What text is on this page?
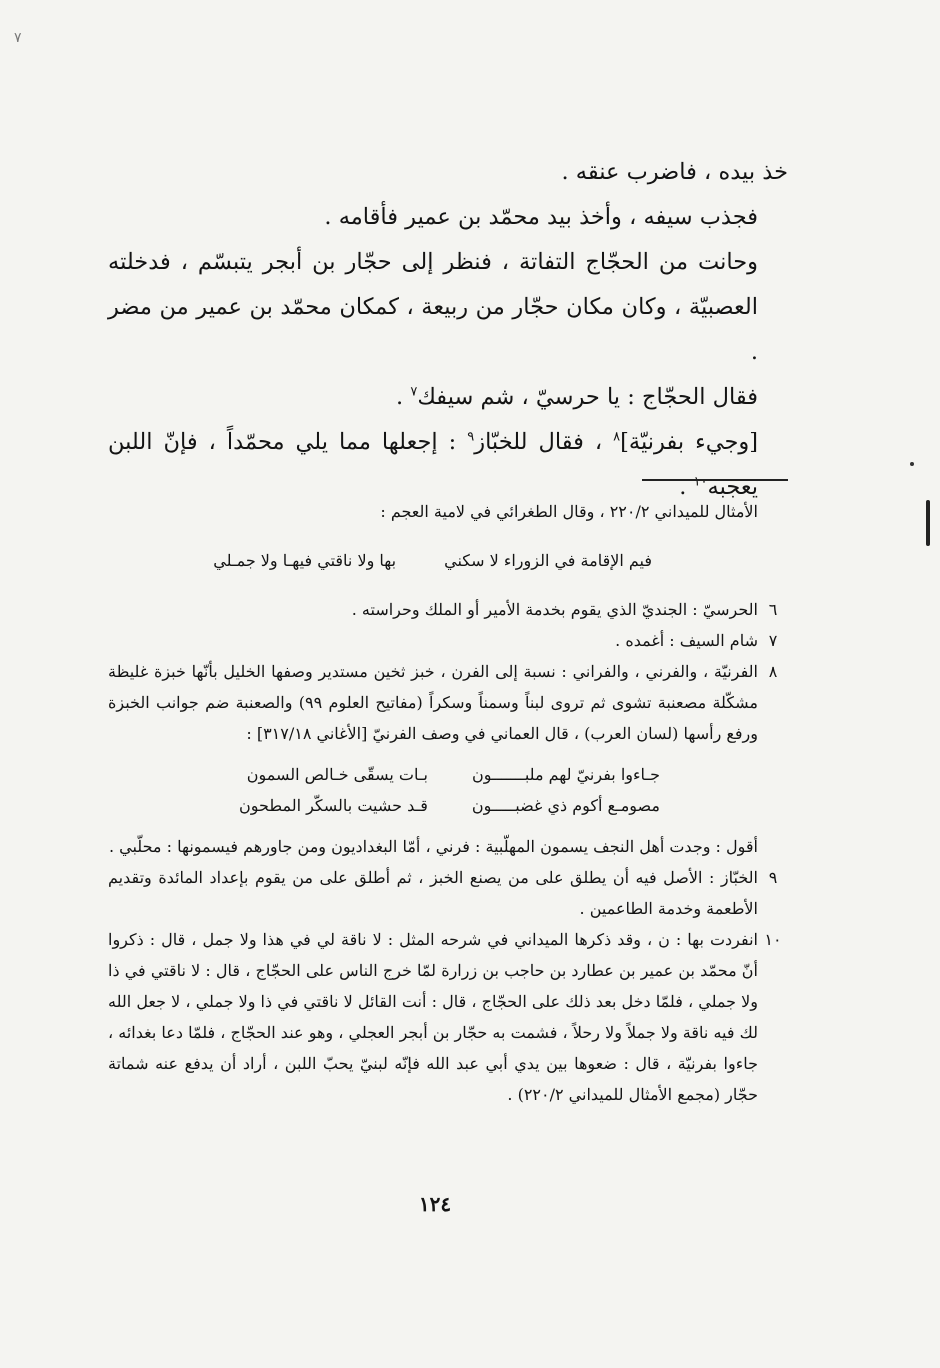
٧

خذ بيده ، فاضرب عنقه .

فجذب سيفه ، وأخذ بيد محمّد بن عمير فأقامه .

وحانت من الحجّاج التفاتة ، فنظر إلى حجّار بن أبجر يتبسّم ، فدخلته العصبيّة ، وكان مكان حجّار من ربيعة ، كمكان محمّد بن عمير من مضر .

فقال الحجّاج : يا حرسيّ ، شم سيفك$^٧$ .

[وجيء بفرنيّة]$^٨$ ، فقال للخبّاز$^٩$ : إجعلها مما يلي محمّداً ، فإنّ اللبن يعجبه$^{١٠}$ .

الأمثال للميداني ٢٢٠/٢ ، وقال الطغرائي في لامية العجم :

فيم الإقامة في الزوراء لا سكني
بها ولا ناقتي فيهـا ولا جمـلي
٦
الحرسيّ : الجنديّ الذي يقوم بخدمة الأمير أو الملك وحراسته .
٧
شام السيف : أغمده .
٨
الفرنيّة ، والفرني ، والفراني : نسبة إلى الفرن ، خبز ثخين مستدير وصفها الخليل بأنّها خبزة غليظة مشكّلة مصعنبة تشوى ثم تروى لبناً وسمناً وسكراً (مفاتيح العلوم ٩٩) والصعنبة ضم جوانب الخبزة ورفع رأسها (لسان العرب) ، قال العماني في وصف الفرنيّ [الأغاني ٣١٧/١٨] :
جـاءوا بفرنيّ لهم ملبـــــــون
بـات يسقّى خـالص السمون
مصومـع أكوم ذي غضبـــــون
قـد حشيت بالسكّر المطحون

أقول : وجدت أهل النجف يسمون المهلّبية : فرني ، أمّا البغداديون ومن جاورهم فيسمونها : محلّبي .

٩
الخبّاز : الأصل فيه أن يطلق على من يصنع الخبز ، ثم أطلق على من يقوم بإعداد المائدة وتقديم الأطعمة وخدمة الطاعمين .
١٠
انفردت بها : ن ، وقد ذكرها الميداني في شرحه المثل : لا ناقة لي في هذا ولا جمل ، قال : ذكروا أنّ محمّد بن عمير بن عطارد بن حاجب بن زرارة لمّا خرج الناس على الحجّاج ، قال : لا ناقتي في ذا ولا جملي ، فلمّا دخل بعد ذلك على الحجّاج ، قال : أنت القائل لا ناقتي في ذا ولا جملي ، لا جعل الله لك فيه ناقة ولا جملاً ولا رحلاً ، فشمت به حجّار بن أبجر العجلي ، وهو عند الحجّاج ، فلمّا دعا بغدائه ، جاءوا بفرنيّة ، قال : ضعوها بين يدي أبي عبد الله فإنّه لبنيّ يحبّ اللبن ، أراد أن يدفع عنه شماتة حجّار (مجمع الأمثال للميداني ٢٢٠/٢) .
١٢٤
